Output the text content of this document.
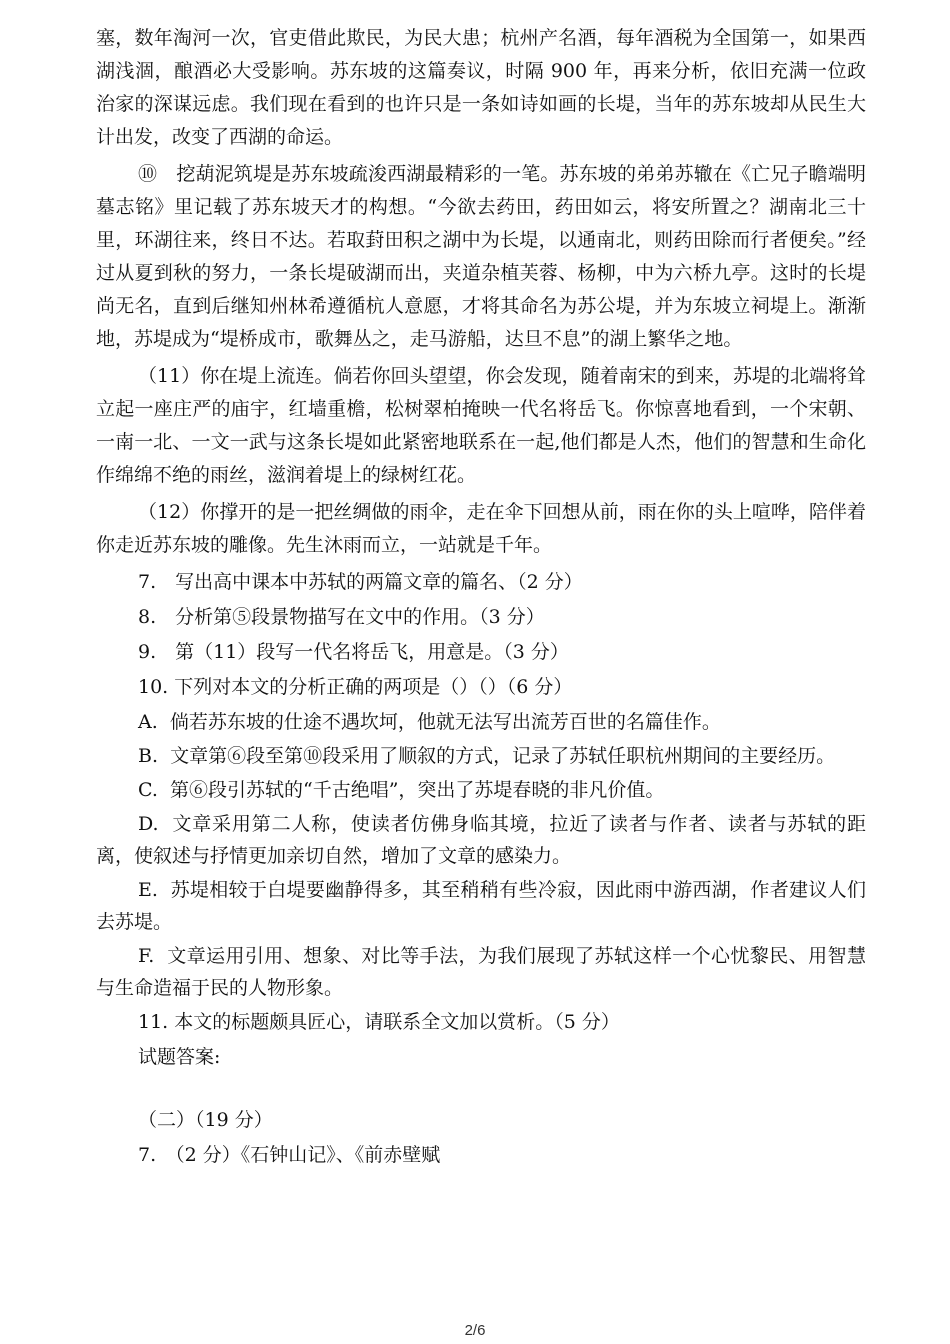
塞，数年淘河一次，官吏借此欺民，为民大患；杭州产名酒，每年酒税为全国第一，如果西湖浅涸，酿酒必大受影响。苏东坡的这篇奏议，时隔 900 年，再来分析，依旧充满一位政治家的深谋远虑。我们现在看到的也许只是一条如诗如画的长堤，当年的苏东坡却从民生大计出发，改变了西湖的命运。

⑩　挖葫泥筑堤是苏东坡疏浚西湖最精彩的一笔。苏东坡的弟弟苏辙在《亡兄子瞻端明墓志铭》里记载了苏东坡天才的构想。“今欲去药田，药田如云，将安所置之？湖南北三十里，环湖往来，终日不达。若取葑田积之湖中为长堤，以通南北，则药田除而行者便矣。”经过从夏到秋的努力，一条长堤破湖而出，夹道杂植芙蓉、杨柳，中为六桥九亭。这时的长堤尚无名，直到后继知州林希遵循杭人意愿，才将其命名为苏公堤，并为东坡立祠堤上。渐渐地，苏堤成为“堤桥成市，歌舞丛之，走马游船，达旦不息”的湖上繁华之地。

（11）你在堤上流连。倘若你回头望望，你会发现，随着南宋的到来，苏堤的北端将耸立起一座庄严的庙宇，红墙重檐，松树翠柏掩映一代名将岳飞。你惊喜地看到，一个宋朝、一南一北、一文一武与这条长堤如此紧密地联系在一起,他们都是人杰，他们的智慧和生命化作绵绵不绝的雨丝，滋润着堤上的绿树红花。

（12）你撑开的是一把丝绸做的雨伞，走在伞下回想从前，雨在你的头上喧哗，陪伴着你走近苏东坡的雕像。先生沐雨而立，一站就是千年。

7.　写出高中课本中苏轼的两篇文章的篇名、（2 分）

8.　分析第⑤段景物描写在文中的作用。（3 分）

9.　第（11）段写一代名将岳飞，用意是。（3 分）

10. 下列对本文的分析正确的两项是（）（）（6 分）

A.  倘若苏东坡的仕途不遇坎坷，他就无法写出流芳百世的名篇佳作。

B.  文章第⑥段至第⑩段采用了顺叙的方式，记录了苏轼任职杭州期间的主要经历。

C.  第⑥段引苏轼的“千古绝唱”，突出了苏堤春晓的非凡价值。

D.  文章采用第二人称，使读者仿佛身临其境，拉近了读者与作者、读者与苏轼的距离，使叙述与抒情更加亲切自然，增加了文章的感染力。

E.  苏堤相较于白堤要幽静得多，其至稍稍有些冷寂，因此雨中游西湖，作者建议人们去苏堤。

F.  文章运用引用、想象、对比等手法，为我们展现了苏轼这样一个心忧黎民、用智慧与生命造福于民的人物形象。

11. 本文的标题颇具匠心，请联系全文加以赏析。（5 分）

试题答案:

（二）（19 分）

7.　（2 分）《石钟山记》、《前赤壁赋

2/6
